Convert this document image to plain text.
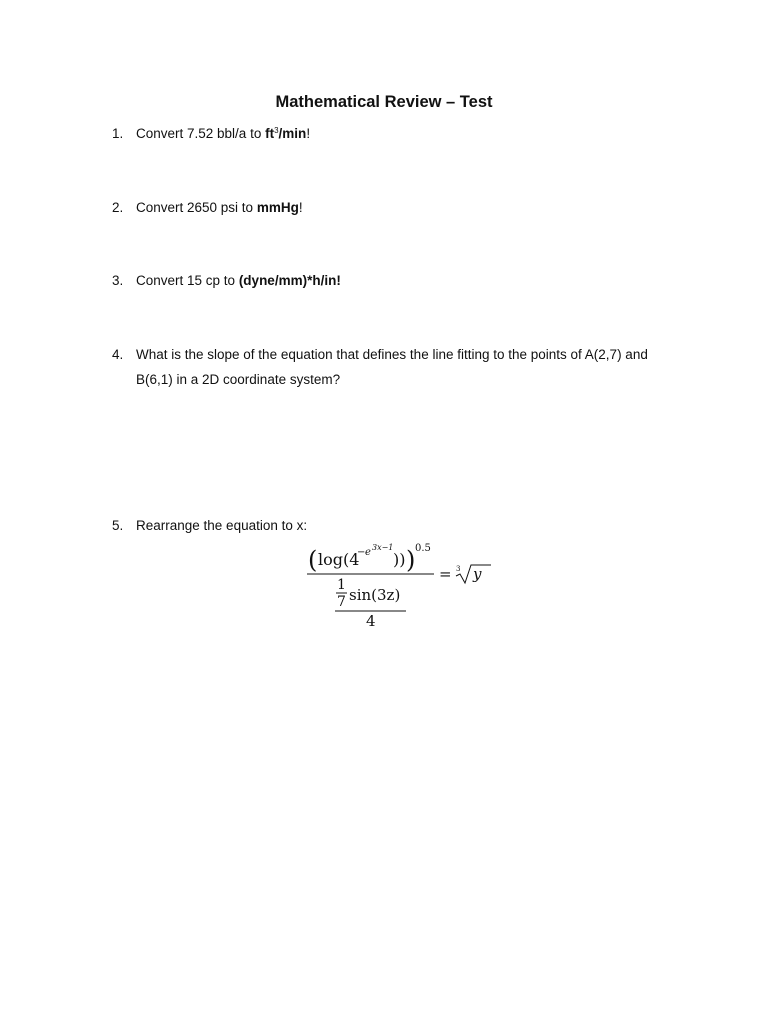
Mathematical Review – Test
1. Convert 7.52 bbl/a to $ft^3/\min$!
2. Convert 2650 psi to mmHg!
3. Convert 15 cp to (dyne/mm)*h/in!
4. What is the slope of the equation that defines the line fitting to the points of A(2,7) and
B(6,1) in a 2D coordinate system?
5. Rearrange the equation to x:
( log(4
− e 3x−1
)) ) 0.5
1
7 sin(3z)
4
= 3 y
